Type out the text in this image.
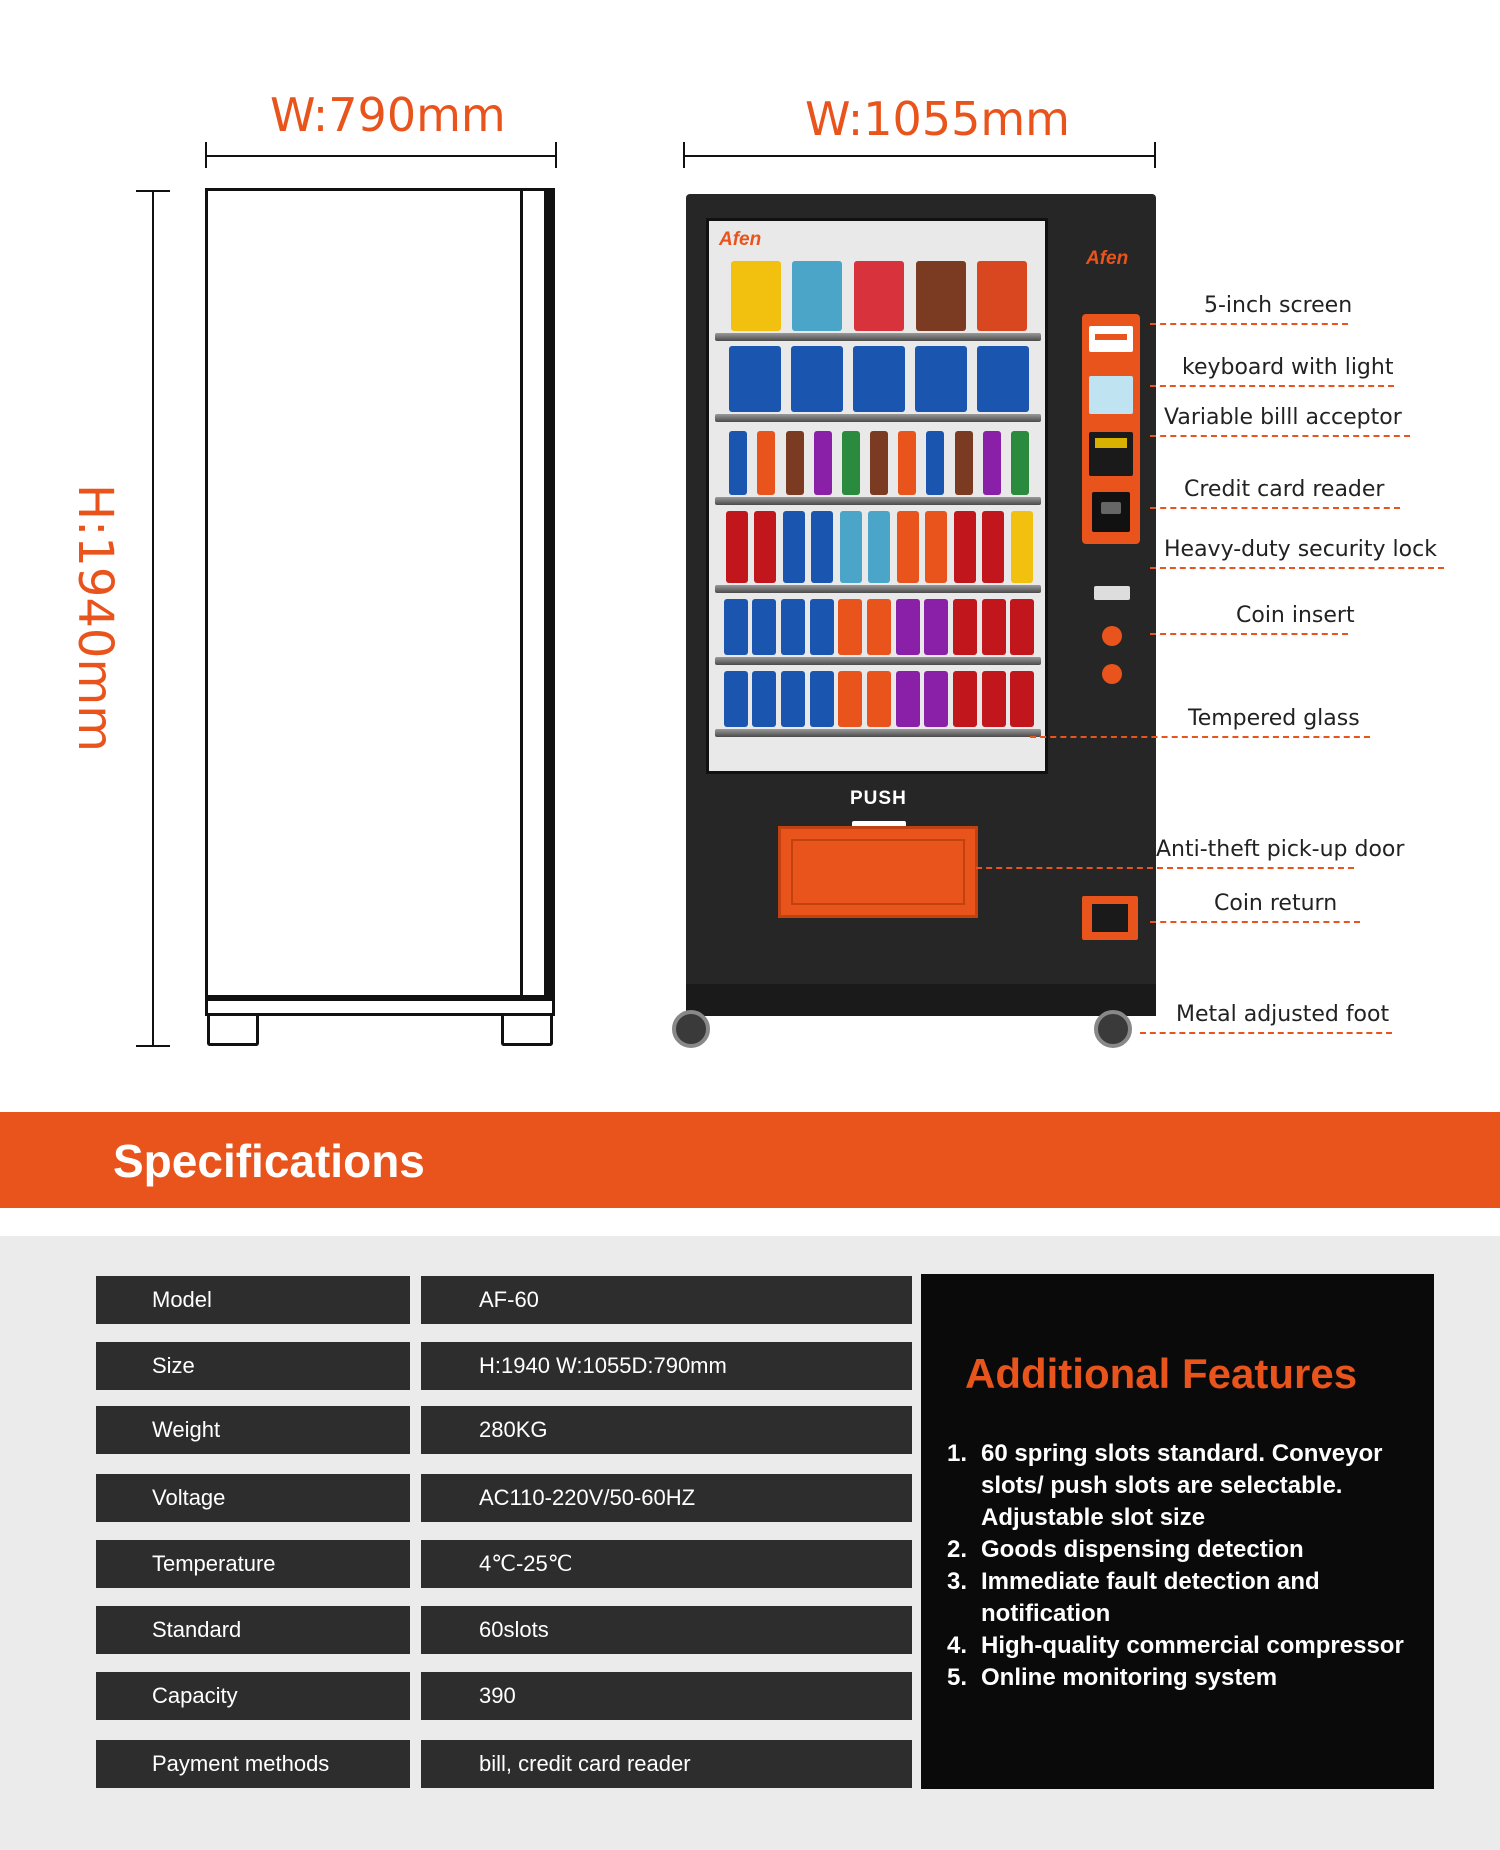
W:790mm	W:1055mm
H:1940mm
Afen
Afen
PUSH
5-inch screen
keyboard with light
Variable billl acceptor
Credit card reader
Heavy-duty security lock
Coin insert
Tempered glass
Anti-theft pick-up door
Coin return
Metal adjusted foot
Specifications
Model	AF-60
Size	H:1940 W:1055D:790mm
Weight	280KG
Voltage	AC110-220V/50-60HZ
Temperature	4℃-25℃
Standard	60slots
Capacity	390
Payment methods	bill, credit card reader
Additional Features
1. 60 spring slots standard. Conveyor
slots/ push slots are selectable.
Adjustable slot size
2. Goods dispensing detection
3. Immediate fault detection and
notification
4. High-quality commercial compressor
5. Online monitoring system
